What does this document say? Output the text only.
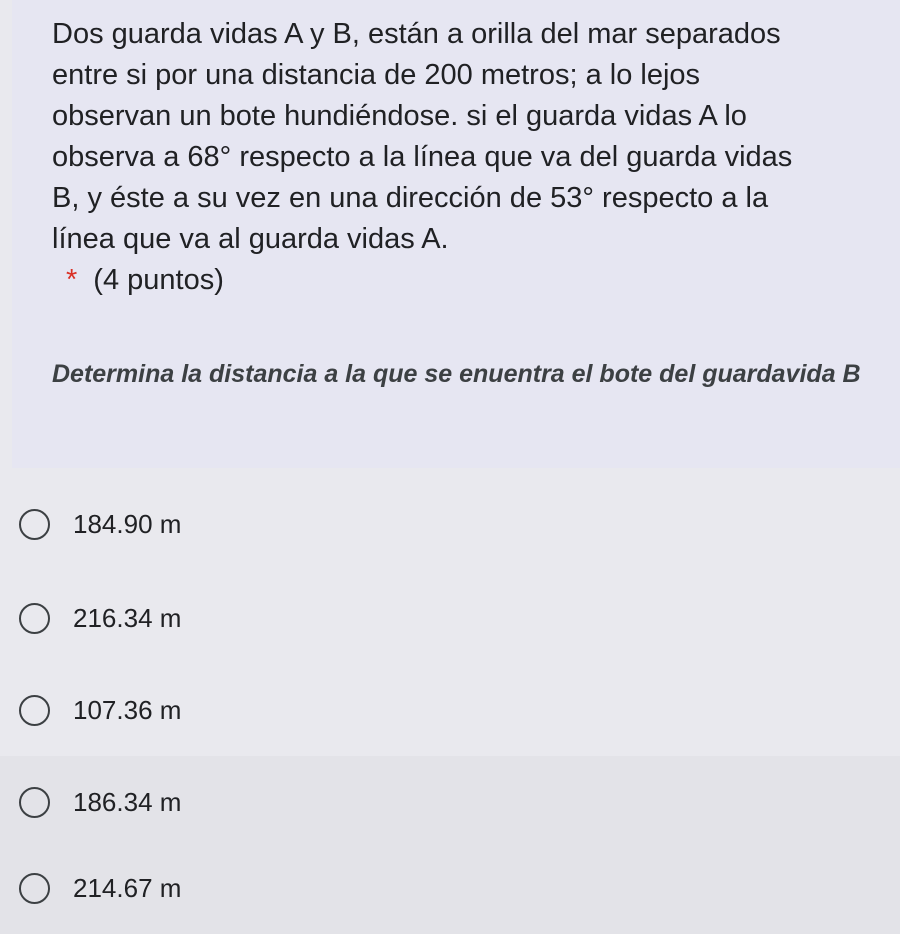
Dos guarda vidas A y B, están a orilla del mar separados
entre si por una distancia de 200 metros; a lo lejos
observan un bote hundiéndose. si el guarda vidas A lo
observa a 68° respecto a la línea que va del guarda vidas
B, y éste a su vez en una dirección de 53° respecto a la
línea que va al guarda vidas A.

* (4 puntos)

Determina la distancia a la que se enuentra el bote del guardavida B
184.90 m
216.34 m
107.36 m
186.34 m
214.67 m
